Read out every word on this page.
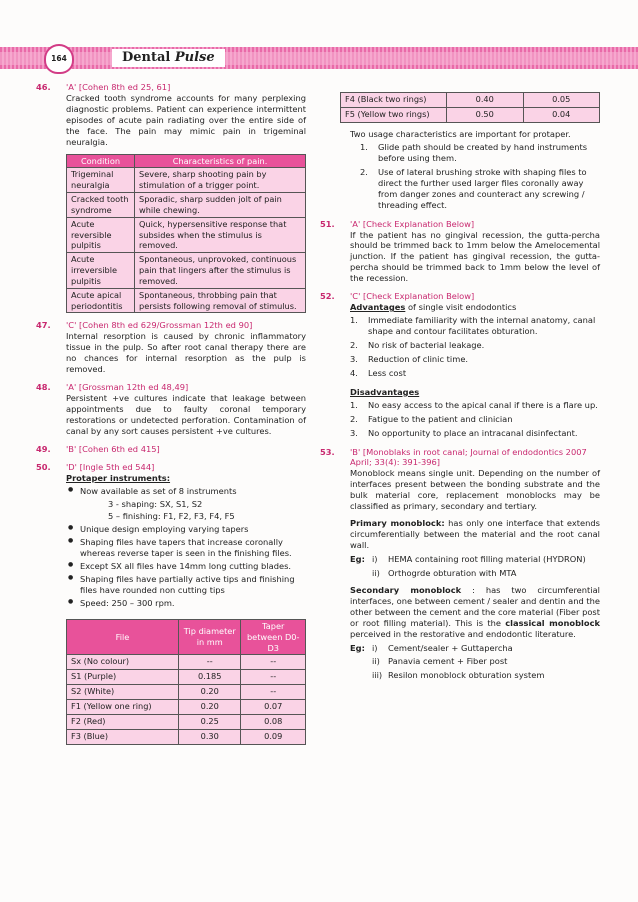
164	Dental Pulse
46. 'A' [Cohen 8th ed 25, 61]
Cracked tooth syndrome accounts for many perplexing diagnostic problems. Patient can experience intermittent episodes of acute pain radiating over the entire side of the face. The pain may mimic pain in trigeminal neuralgia.
Condition	Characteristics of pain.
Trigeminal neuralgia	Severe, sharp shooting pain by stimulation of a trigger point.
Cracked tooth syndrome	Sporadic, sharp sudden jolt of pain while chewing.
Acute reversible pulpitis	Quick, hypersensitive response that subsides when the stimulus is removed.
Acute irreversible pulpitis	Spontaneous, unprovoked, continuous pain that lingers after the stimulus is removed.
Acute apical periodontitis	Spontaneous, throbbing pain that persists following removal of stimulus.
47. 'C' [Cohen 8th ed 629/Grossman 12th ed 90]
Internal resorption is caused by chronic inflammatory tissue in the pulp. So after root canal therapy there are no chances for internal resorption as the pulp is removed.
48. 'A' [Grossman 12th ed 48,49]
Persistent +ve cultures indicate that leakage between appointments due to faulty coronal temporary restorations or undetected perforation. Contamination of canal by any sort causes persistent +ve cultures.
49. 'B' [Cohen 6th ed 415]
50. 'D' [Ingle 5th ed 544]
Protaper instruments:
● Now available as set of 8 instruments
3 - shaping: SX, S1, S2
5 – finishing: F1, F2, F3, F4, F5
● Unique design employing varying tapers
● Shaping files have tapers that increase coronally whereas reverse taper is seen in the finishing files.
● Except SX all files have 14mm long cutting blades.
● Shaping files have partially active tips and finishing files have rounded non cutting tips
● Speed: 250 – 300 rpm.
File	Tip diameter in mm	Taper between D0-D3
Sx (No colour)	--	--
S1 (Purple)	0.185	--
S2 (White)	0.20	--
F1 (Yellow one ring)	0.20	0.07
F2 (Red)	0.25	0.08
F3 (Blue)	0.30	0.09
F4 (Black two rings)	0.40	0.05
F5 (Yellow two rings)	0.50	0.04
Two usage characteristics are important for protaper.
1. Glide path should be created by hand instruments before using them.
2. Use of lateral brushing stroke with shaping files to direct the further used larger files coronally away from danger zones and counteract any screwing / threading effect.
51. 'A' [Check Explanation Below]
If the patient has no gingival recession, the gutta-percha should be trimmed back to 1mm below the Amelocemental junction. If the patient has gingival recession, the gutta-percha should be trimmed back to 1mm below the level of the recession.
52. 'C' [Check Explanation Below]
Advantages of single visit endodontics
1. Immediate familiarity with the internal anatomy, canal shape and contour facilitates obturation.
2. No risk of bacterial leakage.
3. Reduction of clinic time.
4. Less cost
Disadvantages
1. No easy access to the apical canal if there is a flare up.
2. Fatigue to the patient and clinician
3. No opportunity to place an intracanal disinfectant.
53. 'B' [Monoblaks in root canal; Journal of endodontics 2007 April; 33(4): 391-396]
Monoblock means single unit. Depending on the number of interfaces present between the bonding substrate and the bulk material core, replacement monoblocks may be classified as primary, secondary and tertiary.
Primary monoblock: has only one interface that extends circumferentially between the material and the root canal wall.
Eg: i)	HEMA containing root filling material (HYDRON)
ii) Orthogrde obturation with MTA
Secondary monoblock : has two circumferential interfaces, one between cement / sealer and dentin and the other between the cement and the core material (Fiber post or root filling material). This is the classical monoblock perceived in the restorative and endodontic literature.
Eg: i)	Cement/sealer + Guttapercha
ii) Panavia cement + Fiber post
iii) Resilon monoblock obturation system
